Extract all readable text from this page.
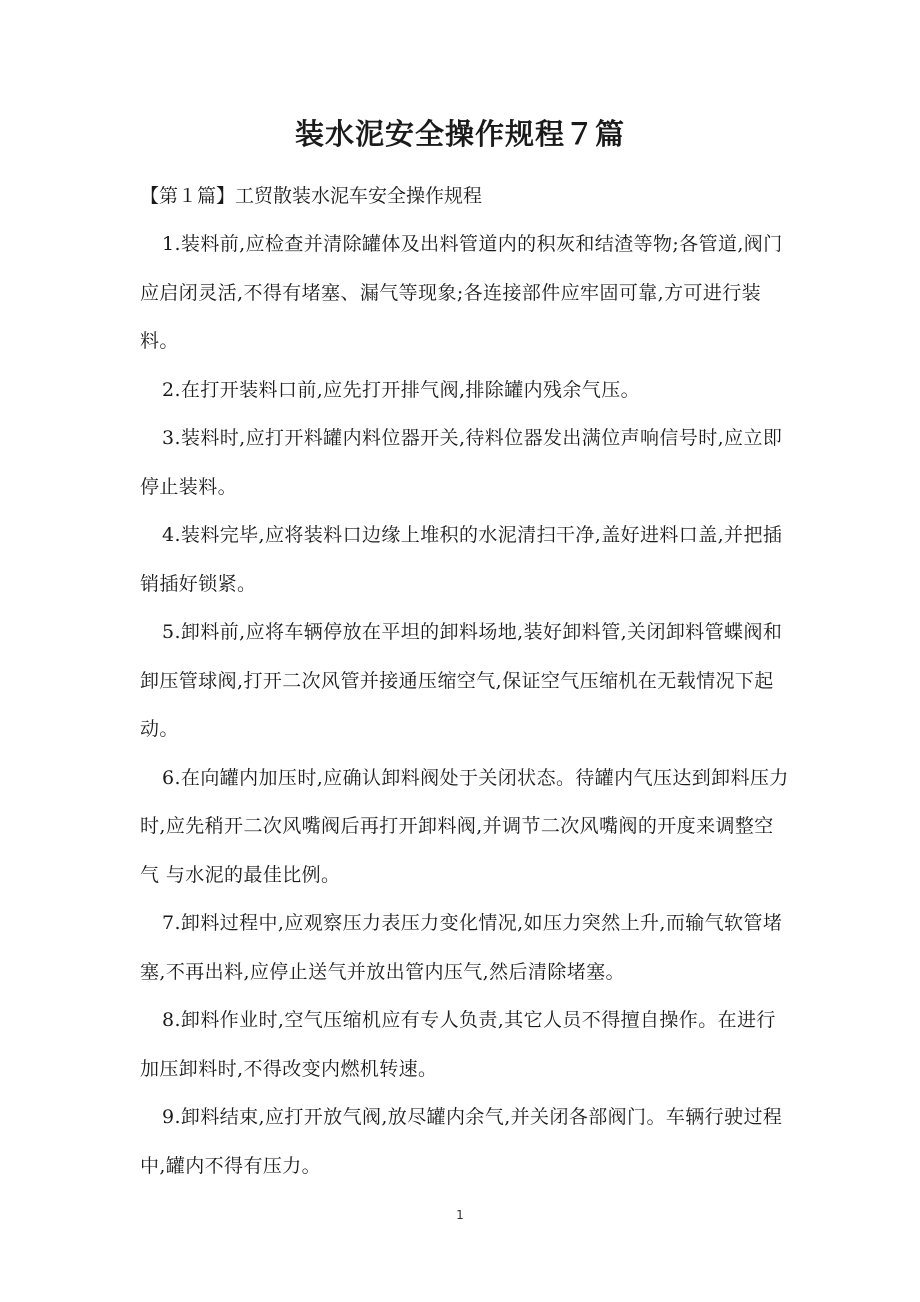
装水泥安全操作规程７篇

【第１篇】工贸散装水泥车安全操作规程

1.装料前,应检查并清除罐体及出料管道内的积灰和结渣等物;各管道,阀门应启闭灵活,不得有堵塞、漏气等现象;各连接部件应牢固可靠,方可进行装 料。

2.在打开装料口前,应先打开排气阀,排除罐内残余气压。

3.装料时,应打开料罐内料位器开关,待料位器发出满位声响信号时,应立即停止装料。

4.装料完毕,应将装料口边缘上堆积的水泥清扫干净,盖好进料口盖,并把插销插好锁紧。

5.卸料前,应将车辆停放在平坦的卸料场地,装好卸料管,关闭卸料管蝶阀和卸压管球阀,打开二次风管并接通压缩空气,保证空气压缩机在无载情况下起动。

6.在向罐内加压时,应确认卸料阀处于关闭状态。待罐内气压达到卸料压力时,应先稍开二次风嘴阀后再打开卸料阀,并调节二次风嘴阀的开度来调整空气 与水泥的最佳比例。

7.卸料过程中,应观察压力表压力变化情况,如压力突然上升,而输气软管堵塞,不再出料,应停止送气并放出管内压气,然后清除堵塞。

8.卸料作业时,空气压缩机应有专人负责,其它人员不得擅自操作。在进行加压卸料时,不得改变内燃机转速。

9.卸料结束,应打开放气阀,放尽罐内余气,并关闭各部阀门。车辆行驶过程中,罐内不得有压力。

1
